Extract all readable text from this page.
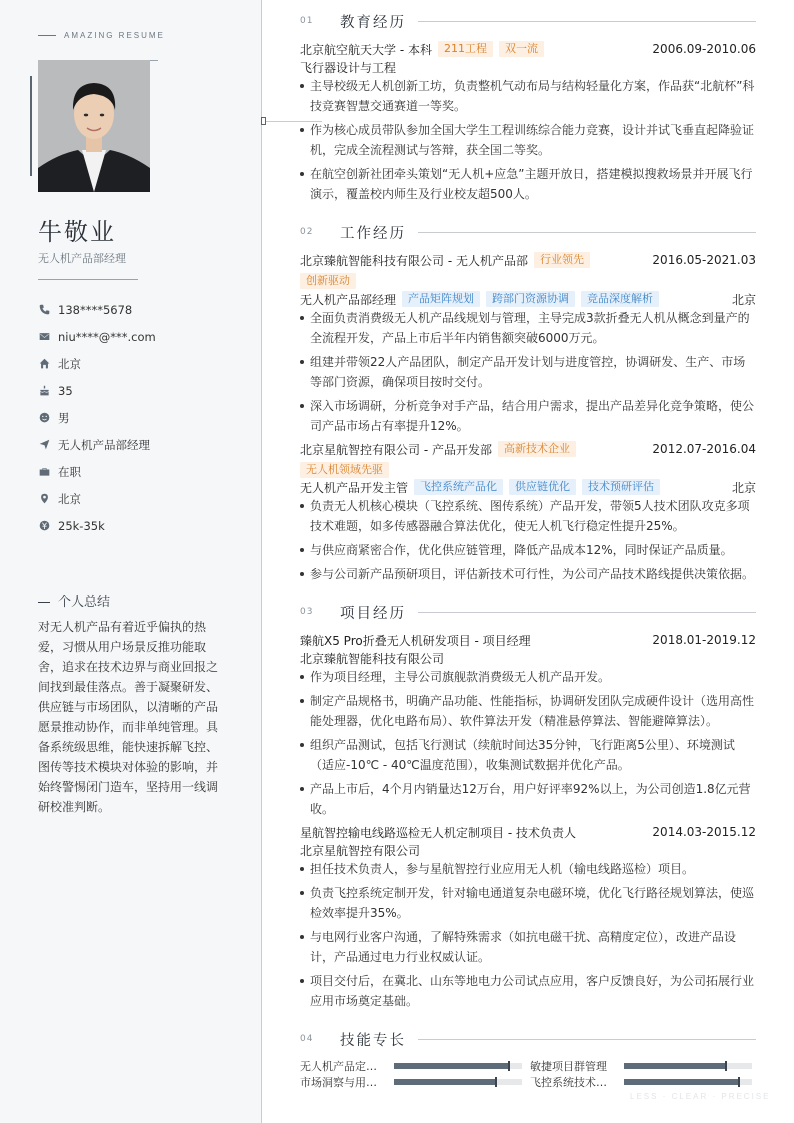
AMAZING RESUME
牛敬业
无人机产品部经理
138****5678
niu****@***.com
北京
35
男
无人机产品部经理
在职
北京
25k-35k
个人总结
对无人机产品有着近乎偏执的热爱，习惯从用户场景反推功能取舍，追求在技术边界与商业回报之间找到最佳落点。善于凝聚研发、供应链与市场团队，以清晰的产品愿景推动协作，而非单纯管理。具备系统级思维，能快速拆解飞控、图传等技术模块对体验的影响，并始终警惕闭门造车，坚持用一线调研校准判断。
01	教育经历
北京航空航天大学 - 本科	211工程	双一流	2006.09-2010.06
飞行器设计与工程
主导校级无人机创新工坊，负责整机气动布局与结构轻量化方案，作品获“北航杯”科技竞赛智慧交通赛道一等奖。
作为核心成员带队参加全国大学生工程训练综合能力竞赛，设计并试飞垂直起降验证机，完成全流程测试与答辩，获全国二等奖。
在航空创新社团牵头策划“无人机+应急”主题开放日，搭建模拟搜救场景并开展飞行演示，覆盖校内师生及行业校友超500人。
02	工作经历
北京臻航智能科技有限公司 - 无人机产品部	行业领先	2016.05-2021.03
创新驱动
无人机产品部经理	产品矩阵规划	跨部门资源协调	竞品深度解析	北京
全面负责消费级无人机产品线规划与管理，主导完成3款折叠无人机从概念到量产的全流程开发，产品上市后半年内销售额突破6000万元。
组建并带领22人产品团队，制定产品开发计划与进度管控，协调研发、生产、市场等部门资源，确保项目按时交付。
深入市场调研，分析竞争对手产品，结合用户需求，提出产品差异化竞争策略，使公司产品市场占有率提升12%。
北京星航智控有限公司 - 产品开发部	高新技术企业	2012.07-2016.04
无人机领域先驱
无人机产品开发主管	飞控系统产品化	供应链优化	技术预研评估	北京
负责无人机核心模块（飞控系统、图传系统）产品开发，带领5人技术团队攻克多项技术难题，如多传感器融合算法优化，使无人机飞行稳定性提升25%。
与供应商紧密合作，优化供应链管理，降低产品成本12%，同时保证产品质量。
参与公司新产品预研项目，评估新技术可行性，为公司产品技术路线提供决策依据。
03	项目经历
臻航X5 Pro折叠无人机研发项目 - 项目经理	2018.01-2019.12
北京臻航智能科技有限公司
作为项目经理，主导公司旗舰款消费级无人机产品开发。
制定产品规格书，明确产品功能、性能指标，协调研发团队完成硬件设计（选用高性能处理器，优化电路布局）、软件算法开发（精准悬停算法、智能避障算法）。
组织产品测试，包括飞行测试（续航时间达35分钟，飞行距离5公里）、环境测试（适应-10℃ - 40℃温度范围），收集测试数据并优化产品。
产品上市后，4个月内销量达12万台，用户好评率92%以上，为公司创造1.8亿元营收。
星航智控输电线路巡检无人机定制项目 - 技术负责人	2014.03-2015.12
北京星航智控有限公司
担任技术负责人，参与星航智控行业应用无人机（输电线路巡检）项目。
负责飞控系统定制开发，针对输电通道复杂电磁环境，优化飞行路径规划算法，使巡检效率提升35%。
与电网行业客户沟通，了解特殊需求（如抗电磁干扰、高精度定位），改进产品设计，产品通过电力行业权威认证。
项目交付后，在冀北、山东等地电力公司试点应用，客户反馈良好，为公司拓展行业应用市场奠定基础。
04	技能专长
无人机产品定…	敏捷项目群管理
市场洞察与用…	飞控系统技术…
LESS · CLEAR · PRECISE
